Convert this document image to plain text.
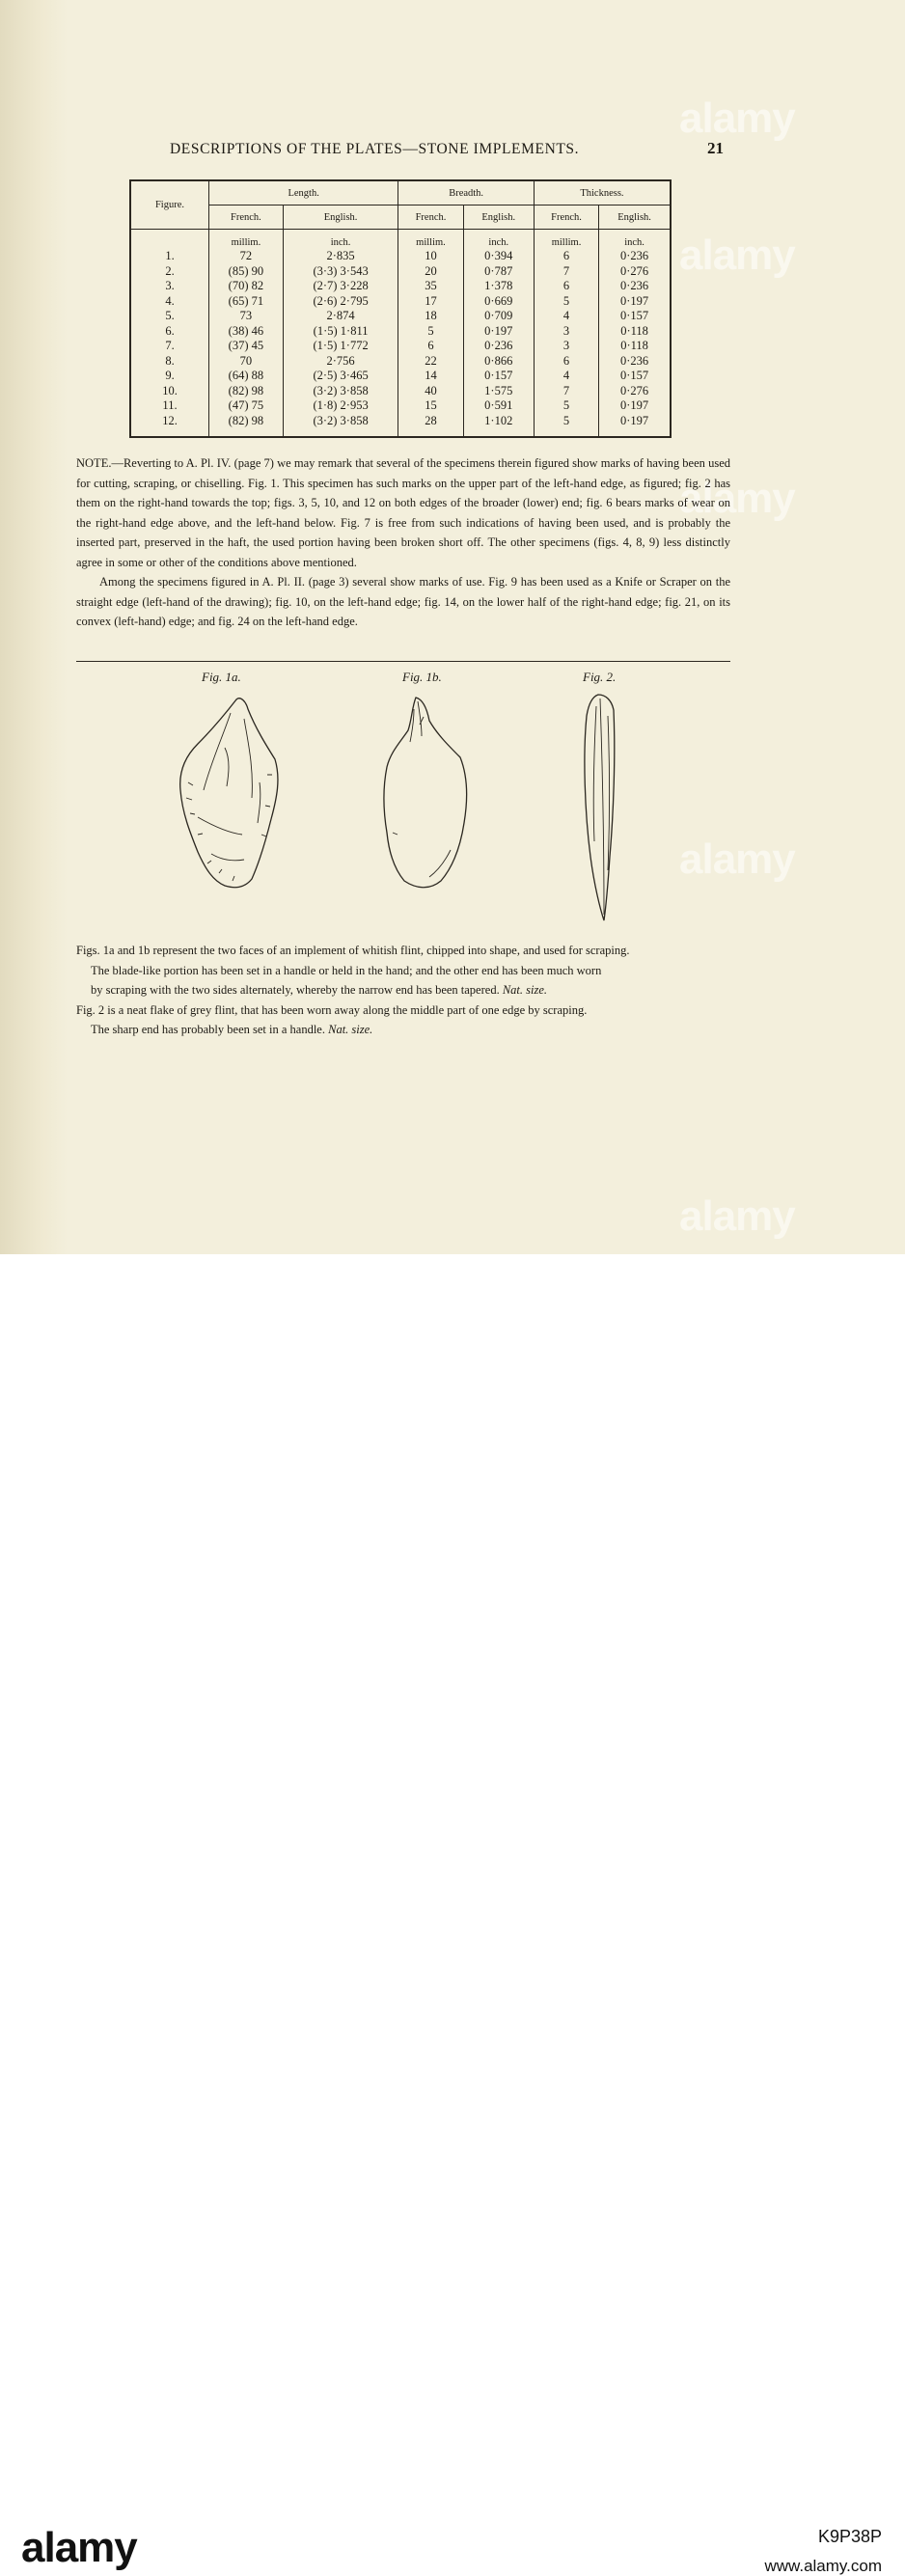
alamy
alamy
alamy
alamy
alamy
DESCRIPTIONS OF THE PLATES—STONE IMPLEMENTS.	21
Figure.	Length.		Breadth.		Thickness.	
	French.	English.	French.	English.	French.	English.
	millim.	inch.	millim.	inch.	millim.	inch.
1.	72	2·835	10	0·394	6	0·236
2.	(85) 90	(3·3) 3·543	20	0·787	7	0·276
3.	(70) 82	(2·7) 3·228	35	1·378	6	0·236
4.	(65) 71	(2·6) 2·795	17	0·669	5	0·197
5.	73	2·874	18	0·709	4	0·157
6.	(38) 46	(1·5) 1·811	5	0·197	3	0·118
7.	(37) 45	(1·5) 1·772	6	0·236	3	0·118
8.	70	2·756	22	0·866	6	0·236
9.	(64) 88	(2·5) 3·465	14	0·157	4	0·157
10.	(82) 98	(3·2) 3·858	40	1·575	7	0·276
11.	(47) 75	(1·8) 2·953	15	0·591	5	0·197
12.	(82) 98	(3·2) 3·858	28	1·102	5	0·197

NOTE.—Reverting to A. Pl. IV. (page 7) we may remark that several of the specimens therein figured show marks of having been used for cutting, scraping, or chiselling. Fig. 1. This specimen has such marks on the upper part of the left-hand edge, as figured; fig. 2 has them on the right-hand towards the top; figs. 3, 5, 10, and 12 on both edges of the broader (lower) end; fig. 6 bears marks of wear on the right-hand edge above, and the left-hand below. Fig. 7 is free from such indications of having been used, and is probably the inserted part, preserved in the haft, the used portion having been broken short off. The other specimens (figs. 4, 8, 9) less distinctly agree in some or other of the conditions above mentioned.

Among the specimens figured in A. Pl. II. (page 3) several show marks of use. Fig. 9 has been used as a Knife or Scraper on the straight edge (left-hand of the drawing); fig. 10, on the left-hand edge; fig. 14, on the lower half of the right-hand edge; fig. 21, on its convex (left-hand) edge; and fig. 24 on the left-hand edge.

Fig. 1a.	Fig. 1b.	Fig. 2.

Figs. 1a and 1b represent the two faces of an implement of whitish flint, chipped into shape, and used for scraping.

The blade-like portion has been set in a handle or held in the hand; and the other end has been much worn

by scraping with the two sides alternately, whereby the narrow end has been tapered. Nat. size.

Fig. 2 is a neat flake of grey flint, that has been worn away along the middle part of one edge by scraping.

The sharp end has probably been set in a handle. Nat. size.

alamy	K9P38P
www.alamy.com
